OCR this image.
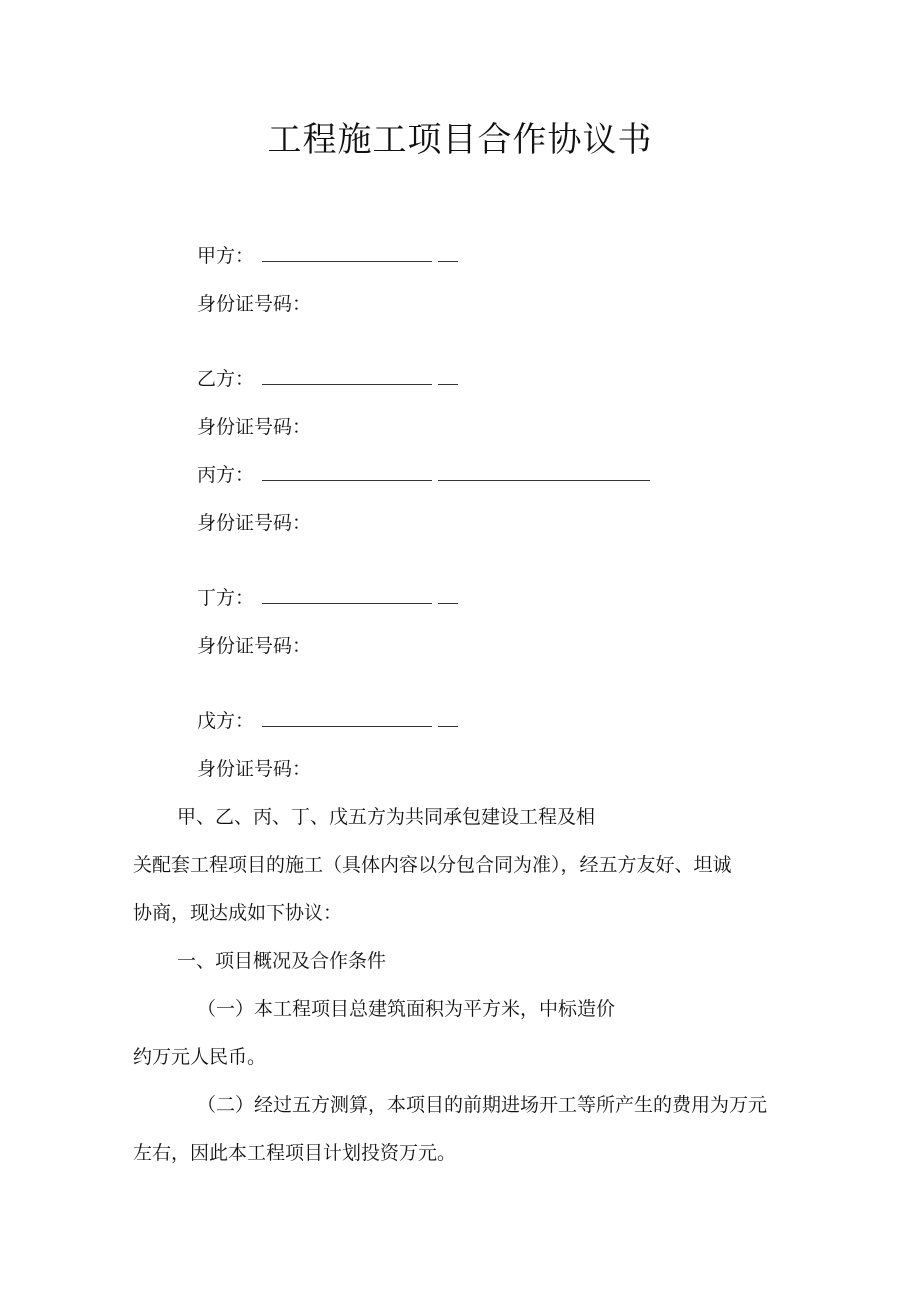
工程施工项目合作协议书
甲方：
身份证号码：
乙方：
身份证号码：
丙方：
身份证号码：
丁方：
身份证号码：
戊方：
身份证号码：
甲、乙、丙、丁、戊五方为共同承包建设工程及相
关配套工程项目的施工（具体内容以分包合同为准），经五方友好、坦诚
协商，现达成如下协议：
一、项目概况及合作条件
（一）本工程项目总建筑面积为平方米，中标造价
约万元人民币。
（二）经过五方测算，本项目的前期进场开工等所产生的费用为万元
左右，因此本工程项目计划投资万元。
